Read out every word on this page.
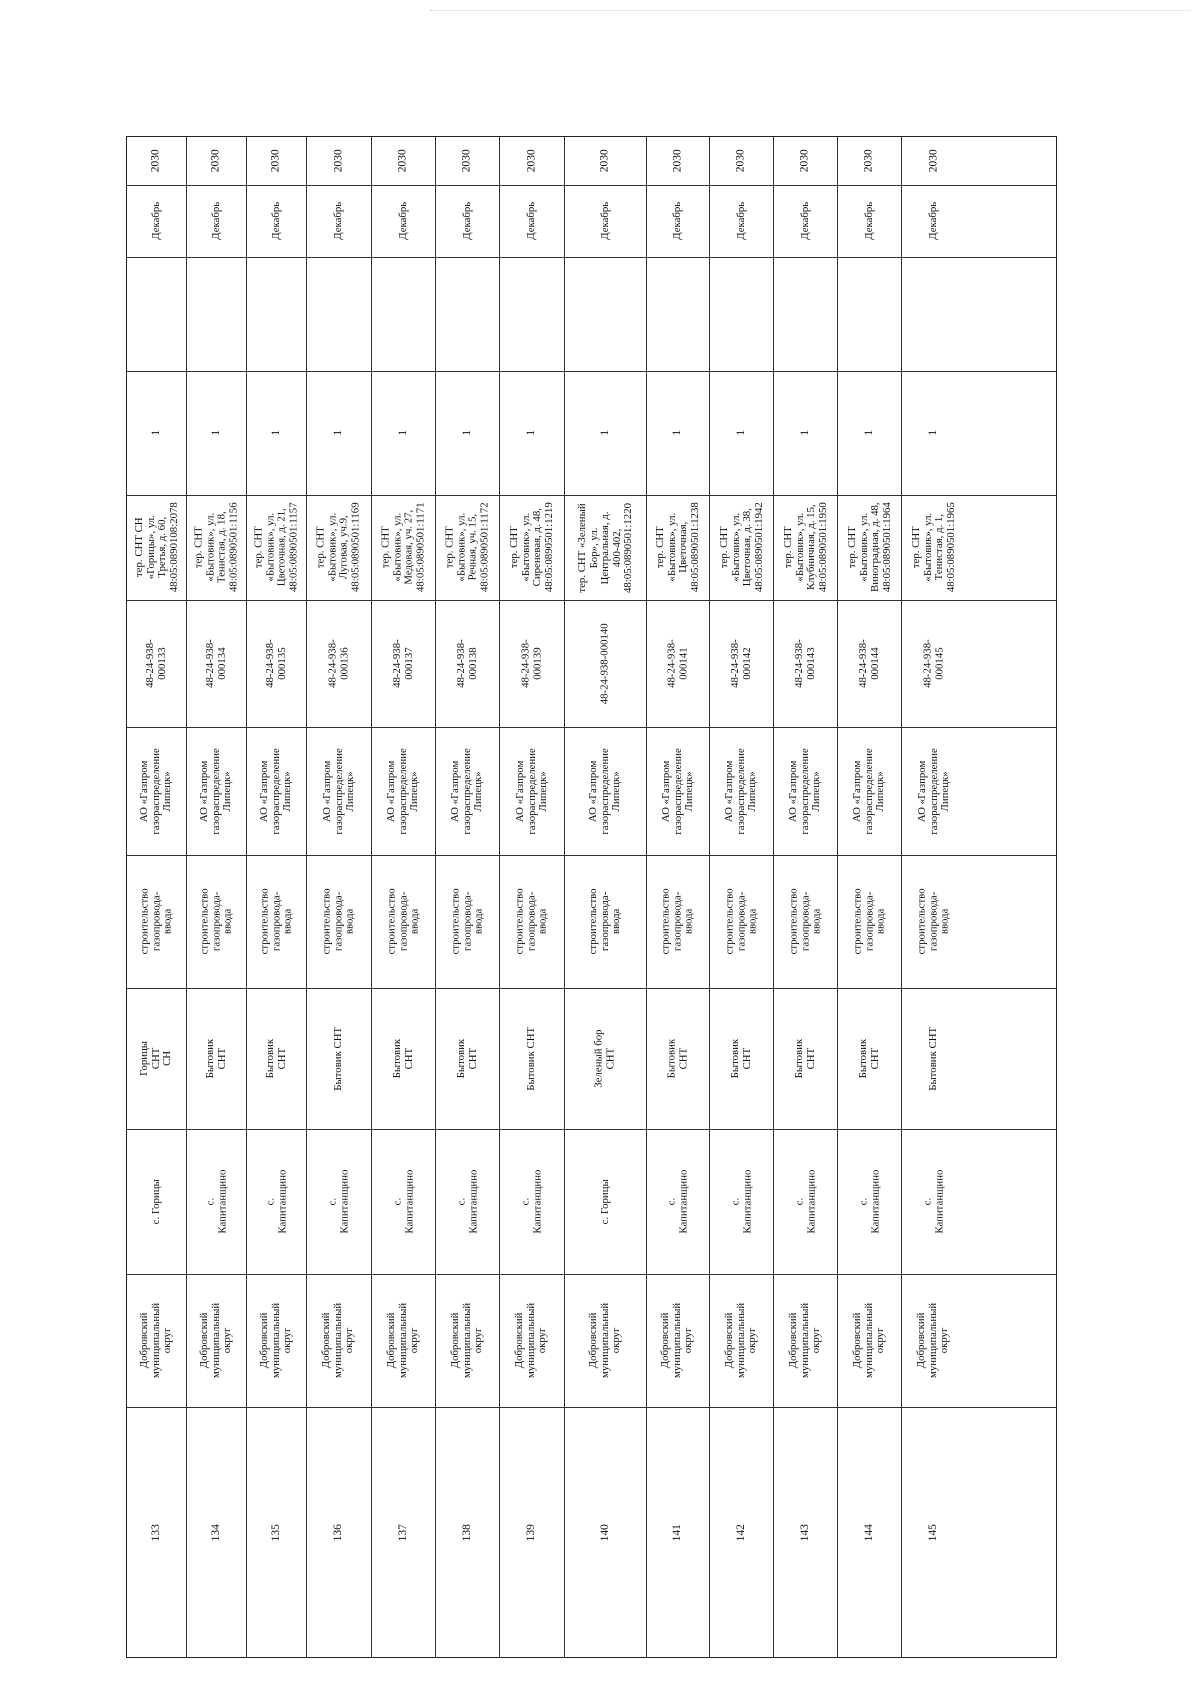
2030
Декабрь
1
тер. СНТ СН
«Горицы», ул.
Третья, д. 60,
48:05:0890108:2078
48-24-938-000133
АО «Газпром
газораспределение
Липецк»
строительство
газопровода-ввода
Горицы СНТ
СН
с. Горицы
Добровский
муниципальный
округ
133
2030
Декабрь
1
тер. СНТ
«Бытовик», ул.
Тенистая, д. 18,
48:05:0890501:1156
48-24-938-000134
АО «Газпром
газораспределение
Липецк»
строительство
газопровода-ввода
Бытовик СНТ
с. Капитанщино
Добровский
муниципальный
округ
134
2030
Декабрь
1
тер. СНТ
«Бытовик», ул.
Цветочная, д. 21,
48:05:0890501:1157
48-24-938-000135
АО «Газпром
газораспределение
Липецк»
строительство
газопровода-ввода
Бытовик СНТ
с. Капитанщино
Добровский
муниципальный
округ
135
2030
Декабрь
1
тер. СНТ
«Бытовик», ул.
Луговая, уч.9,
48:05:0890501:1169
48-24-938-000136
АО «Газпром
газораспределение
Липецк»
строительство
газопровода-ввода
Бытовик СНТ
с. Капитанщино
Добровский
муниципальный
округ
136
2030
Декабрь
1
тер. СНТ
«Бытовик», ул.
Медовая, уч. 27,
48:05:0890501:1171
48-24-938-000137
АО «Газпром
газораспределение
Липецк»
строительство
газопровода-ввода
Бытовик СНТ
с. Капитанщино
Добровский
муниципальный
округ
137
2030
Декабрь
1
тер. СНТ
«Бытовик», ул.
Речная, уч. 15,
48:05:0890501:1172
48-24-938-000138
АО «Газпром
газораспределение
Липецк»
строительство
газопровода-ввода
Бытовик СНТ
с. Капитанщино
Добровский
муниципальный
округ
138
2030
Декабрь
1
тер. СНТ
«Бытовик», ул.
Сиреневая, д. 48,
48:05:0890501:1219
48-24-938-000139
АО «Газпром
газораспределение
Липецк»
строительство
газопровода-ввода
Бытовик СНТ
с. Капитанщино
Добровский
муниципальный
округ
139
2030
Декабрь
1
тер. СНТ «Зеленый
Бор», ул.
Центральная, д.
400-402,
48:05:0890501:1220
48-24-938-000140
АО «Газпром
газораспределение
Липецк»
строительство
газопровода-ввода
Зеленый бор
СНТ
с. Горицы
Добровский
муниципальный
округ
140
2030
Декабрь
1
тер. СНТ
«Бытовик», ул.
Цветочная,
48:05:0890501:1238
48-24-938-000141
АО «Газпром
газораспределение
Липецк»
строительство
газопровода-ввода
Бытовик СНТ
с. Капитанщино
Добровский
муниципальный
округ
141
2030
Декабрь
1
тер. СНТ
«Бытовик», ул.
Цветочная, д. 38,
48:05:0890501:1942
48-24-938-000142
АО «Газпром
газораспределение
Липецк»
строительство
газопровода-ввода
Бытовик СНТ
с. Капитанщино
Добровский
муниципальный
округ
142
2030
Декабрь
1
тер. СНТ
«Бытовик», ул.
Клубничная, д. 15,
48:05:0890501:1950
48-24-938-000143
АО «Газпром
газораспределение
Липецк»
строительство
газопровода-ввода
Бытовик СНТ
с. Капитанщино
Добровский
муниципальный
округ
143
2030
Декабрь
1
тер. СНТ
«Бытовик», ул.
Виноградная, д. 48,
48:05:0890501:1964
48-24-938-000144
АО «Газпром
газораспределение
Липецк»
строительство
газопровода-ввода
Бытовик СНТ
с. Капитанщино
Добровский
муниципальный
округ
144
2030
Декабрь
1
тер. СНТ
«Бытовик», ул.
Тенистая, д. 1,
48:05:0890501:1965
48-24-938-000145
АО «Газпром
газораспределение
Липецк»
строительство
газопровода-ввода
Бытовик СНТ
с. Капитанщино
Добровский
муниципальный
округ
145
